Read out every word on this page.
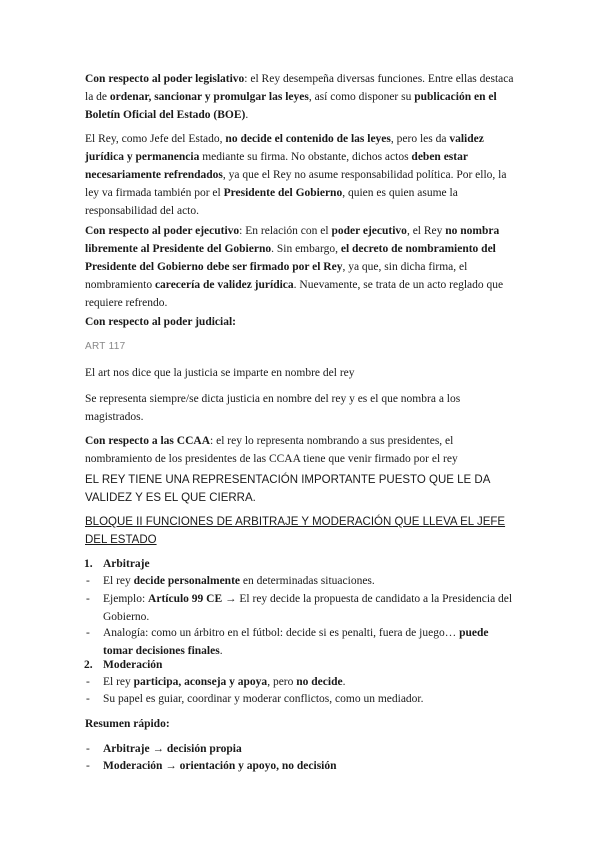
Con respecto al poder legislativo: el Rey desempeña diversas funciones. Entre ellas destaca la de ordenar, sancionar y promulgar las leyes, así como disponer su publicación en el Boletín Oficial del Estado (BOE).

El Rey, como Jefe del Estado, no decide el contenido de las leyes, pero les da validez jurídica y permanencia mediante su firma. No obstante, dichos actos deben estar necesariamente refrendados, ya que el Rey no asume responsabilidad política. Por ello, la ley va firmada también por el Presidente del Gobierno, quien es quien asume la responsabilidad del acto.

Con respecto al poder ejecutivo: En relación con el poder ejecutivo, el Rey no nombra libremente al Presidente del Gobierno. Sin embargo, el decreto de nombramiento del Presidente del Gobierno debe ser firmado por el Rey, ya que, sin dicha firma, el nombramiento carecería de validez jurídica. Nuevamente, se trata de un acto reglado que requiere refrendo.

Con respecto al poder judicial:

ART 117

El art nos dice que la justicia se imparte en nombre del rey

Se representa siempre/se dicta justicia en nombre del rey y es el que nombra a los magistrados.

Con respecto a las CCAA: el rey lo representa nombrando a sus presidentes, el nombramiento de los presidentes de las CCAA tiene que venir firmado por el rey

EL REY TIENE UNA REPRESENTACIÓN IMPORTANTE PUESTO QUE LE DA VALIDEZ Y ES EL QUE CIERRA.

BLOQUE II FUNCIONES DE ARBITRAJE Y MODERACIÓN QUE LLEVA EL JEFE DEL ESTADO

1. Arbitraje
- El rey decide personalmente en determinadas situaciones.
- Ejemplo: Artículo 99 CE → El rey decide la propuesta de candidato a la Presidencia del Gobierno.
- Analogía: como un árbitro en el fútbol: decide si es penalti, fuera de juego… puede tomar decisiones finales.
2. Moderación
- El rey participa, aconseja y apoya, pero no decide.
- Su papel es guiar, coordinar y moderar conflictos, como un mediador.

Resumen rápido:

- Arbitraje → decisión propia
- Moderación → orientación y apoyo, no decisión
